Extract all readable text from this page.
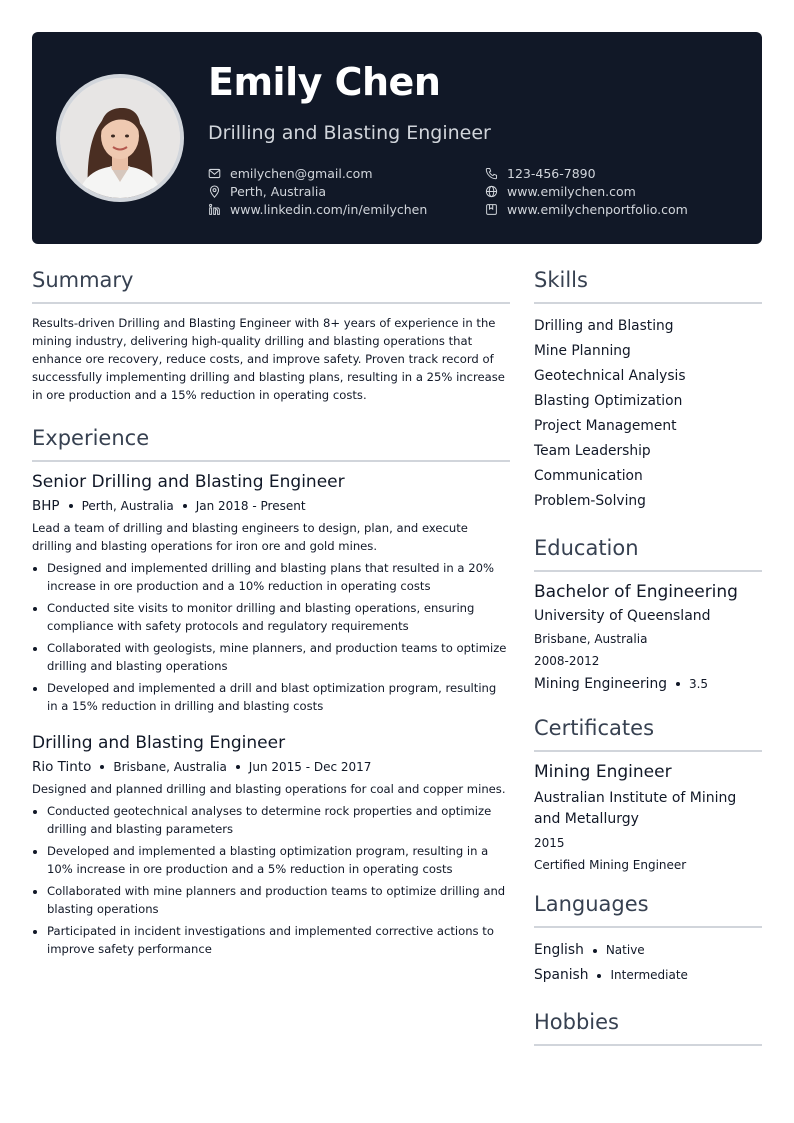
Emily Chen
Drilling and Blasting Engineer
emilychen@gmail.com
Perth, Australia
www.linkedin.com/in/emilychen
123-456-7890
www.emilychen.com
www.emilychenportfolio.com
Summary

Results-driven Drilling and Blasting Engineer with 8+ years of experience in the mining industry, delivering high-quality drilling and blasting operations that enhance ore recovery, reduce costs, and improve safety. Proven track record of successfully implementing drilling and blasting plans, resulting in a 25% increase in ore production and a 15% reduction in operating costs.

Experience
Senior Drilling and Blasting Engineer
BHP Perth, Australia Jan 2018 - Present

Lead a team of drilling and blasting engineers to design, plan, and execute drilling and blasting operations for iron ore and gold mines.

Designed and implemented drilling and blasting plans that resulted in a 20% increase in ore production and a 10% reduction in operating costs
Conducted site visits to monitor drilling and blasting operations, ensuring compliance with safety protocols and regulatory requirements
Collaborated with geologists, mine planners, and production teams to optimize drilling and blasting operations
Developed and implemented a drill and blast optimization program, resulting in a 15% reduction in drilling and blasting costs
Drilling and Blasting Engineer
Rio Tinto Brisbane, Australia Jun 2015 - Dec 2017

Designed and planned drilling and blasting operations for coal and copper mines.

Conducted geotechnical analyses to determine rock properties and optimize drilling and blasting parameters
Developed and implemented a blasting optimization program, resulting in a 10% increase in ore production and a 5% reduction in operating costs
Collaborated with mine planners and production teams to optimize drilling and blasting operations
Participated in incident investigations and implemented corrective actions to improve safety performance
Skills
Drilling and Blasting
Mine Planning
Geotechnical Analysis
Blasting Optimization
Project Management
Team Leadership
Communication
Problem-Solving
Education
Bachelor of Engineering
University of Queensland
Brisbane, Australia
2008-2012
Mining Engineering 3.5
Certificates
Mining Engineer
Australian Institute of Mining and Metallurgy
2015
Certified Mining Engineer
Languages
English Native
Spanish Intermediate
Hobbies
